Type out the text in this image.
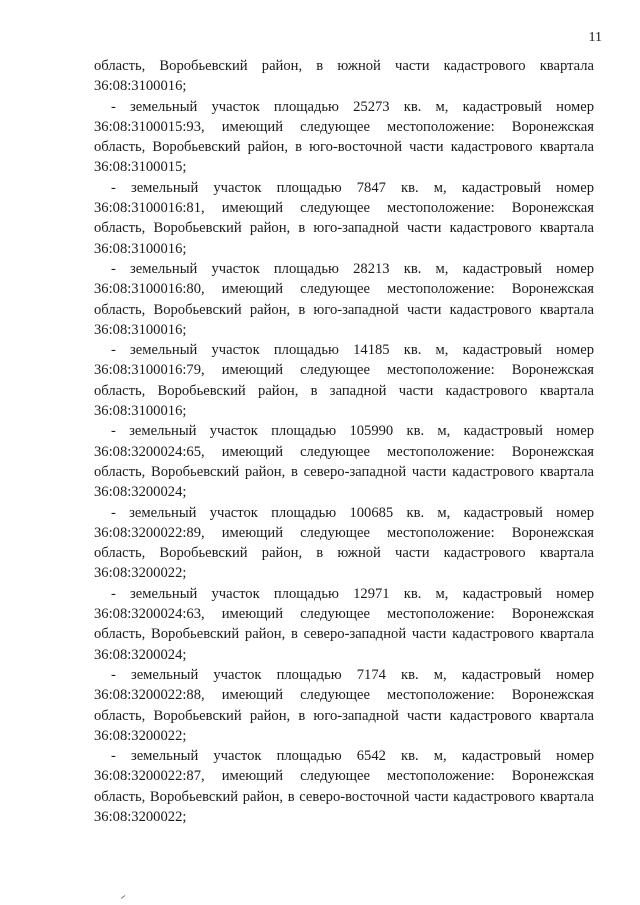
11

область, Воробьевский район, в южной части кадастрового квартала 36:08:3100016;

- земельный участок площадью 25273 кв. м, кадастровый номер 36:08:3100015:93, имеющий следующее местоположение: Воронежская область, Воробьевский район, в юго-восточной части кадастрового квартала 36:08:3100015;

- земельный участок площадью 7847 кв. м, кадастровый номер 36:08:3100016:81, имеющий следующее местоположение: Воронежская область, Воробьевский район, в юго-западной части кадастрового квартала 36:08:3100016;

- земельный участок площадью 28213 кв. м, кадастровый номер 36:08:3100016:80, имеющий следующее местоположение: Воронежская область, Воробьевский район, в юго-западной части кадастрового квартала 36:08:3100016;

- земельный участок площадью 14185 кв. м, кадастровый номер 36:08:3100016:79, имеющий следующее местоположение: Воронежская область, Воробьевский район, в западной части кадастрового квартала 36:08:3100016;

- земельный участок площадью 105990 кв. м, кадастровый номер 36:08:3200024:65, имеющий следующее местоположение: Воронежская область, Воробьевский район, в северо-западной части кадастрового квартала 36:08:3200024;

- земельный участок площадью 100685 кв. м, кадастровый номер 36:08:3200022:89, имеющий следующее местоположение: Воронежская область, Воробьевский район, в южной части кадастрового квартала 36:08:3200022;

- земельный участок площадью 12971 кв. м, кадастровый номер 36:08:3200024:63, имеющий следующее местоположение: Воронежская область, Воробьевский район, в северо-западной части кадастрового квартала 36:08:3200024;

- земельный участок площадью 7174 кв. м, кадастровый номер 36:08:3200022:88, имеющий следующее местоположение: Воронежская область, Воробьевский район, в юго-западной части кадастрового квартала 36:08:3200022;

- земельный участок площадью 6542 кв. м, кадастровый номер 36:08:3200022:87, имеющий следующее местоположение: Воронежская область, Воробьевский район, в северо-восточной части кадастрового квартала 36:08:3200022;
